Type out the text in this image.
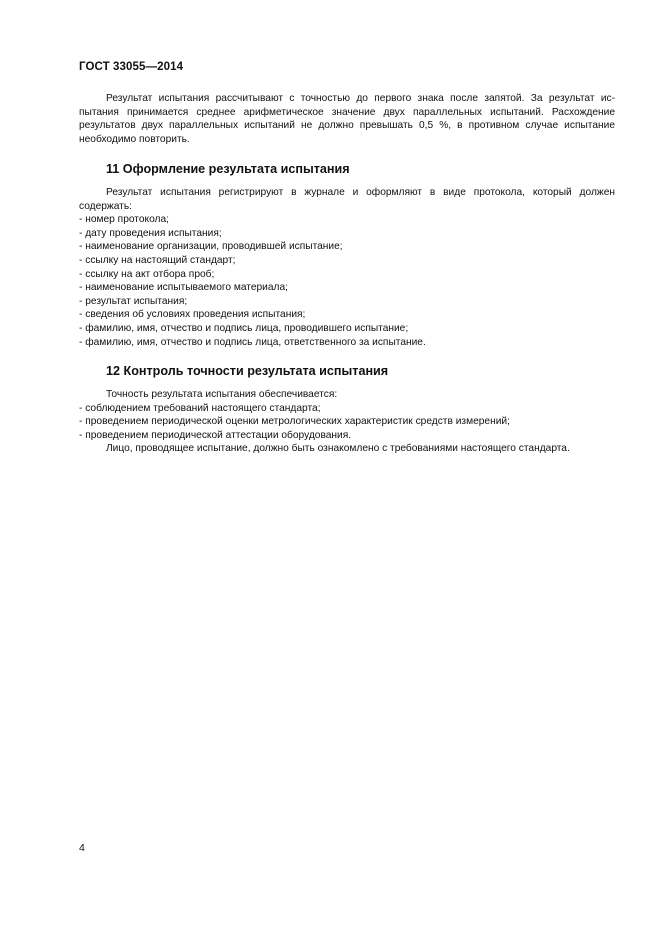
ГОСТ 33055—2014
Результат испытания рассчитывают с точностью до первого знака после запятой. За результат ис-
пытания принимается среднее арифметическое значение двух параллельных испытаний. Расхождение
результатов двух параллельных испытаний не должно превышать 0,5 %, в противном случае испытание
необходимо повторить.
11 Оформление результата испытания
Результат испытания регистрируют в журнале и оформляют в виде протокола, который должен
содержать:
- номер протокола;
- дату проведения испытания;
- наименование организации, проводившей испытание;
- ссылку на настоящий стандарт;
- ссылку на акт отбора проб;
- наименование испытываемого материала;
- результат испытания;
- сведения об условиях проведения испытания;
- фамилию, имя, отчество и подпись лица, проводившего испытание;
- фамилию, имя, отчество и подпись лица, ответственного за испытание.
12 Контроль точности результата испытания
Точность результата испытания обеспечивается:
- соблюдением требований настоящего стандарта;
- проведением периодической оценки метрологических характеристик средств измерений;
- проведением периодической аттестации оборудования.
Лицо, проводящее испытание, должно быть ознакомлено с требованиями настоящего стандарта.
4
